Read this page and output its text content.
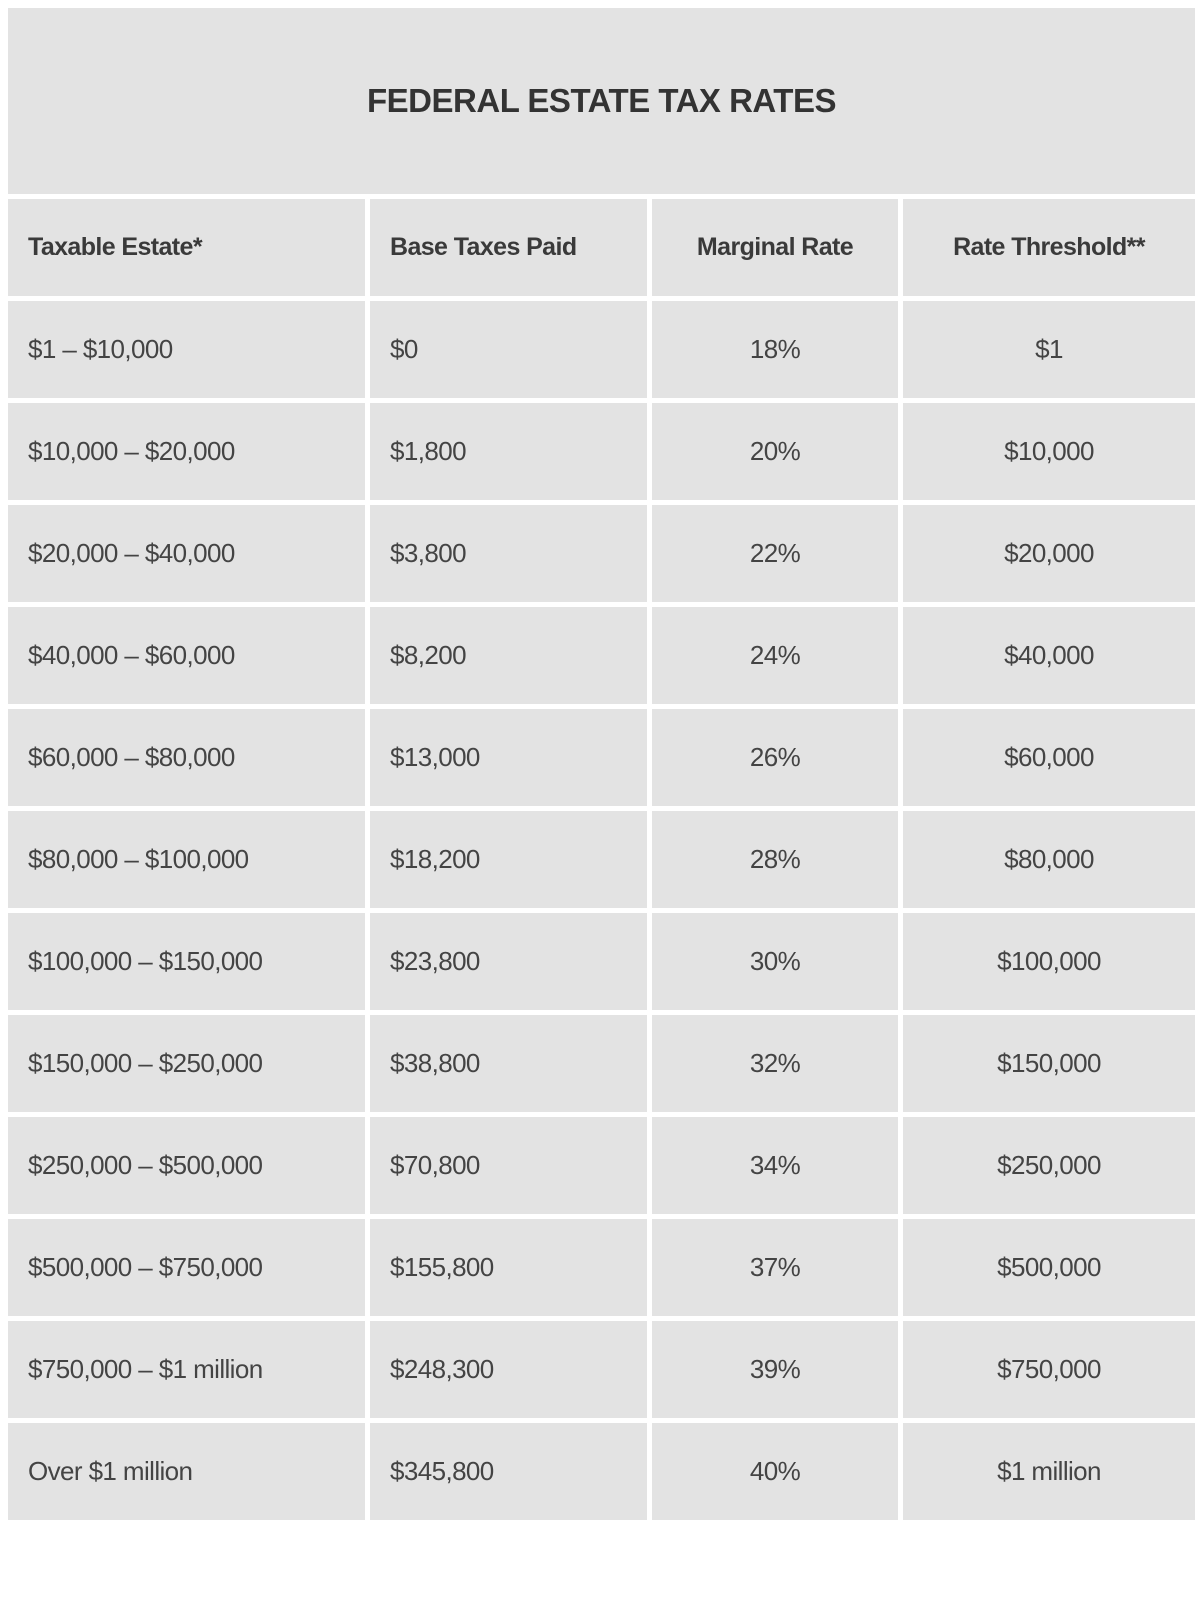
FEDERAL ESTATE TAX RATES
Taxable Estate*	Base Taxes Paid	Marginal Rate	Rate Threshold**
$1 – $10,000	$0	18%	$1
$10,000 – $20,000	$1,800	20%	$10,000
$20,000 – $40,000	$3,800	22%	$20,000
$40,000 – $60,000	$8,200	24%	$40,000
$60,000 – $80,000	$13,000	26%	$60,000
$80,000 – $100,000	$18,200	28%	$80,000
$100,000 – $150,000	$23,800	30%	$100,000
$150,000 – $250,000	$38,800	32%	$150,000
$250,000 – $500,000	$70,800	34%	$250,000
$500,000 – $750,000	$155,800	37%	$500,000
$750,000 – $1 million	$248,300	39%	$750,000
Over $1 million	$345,800	40%	$1 million
